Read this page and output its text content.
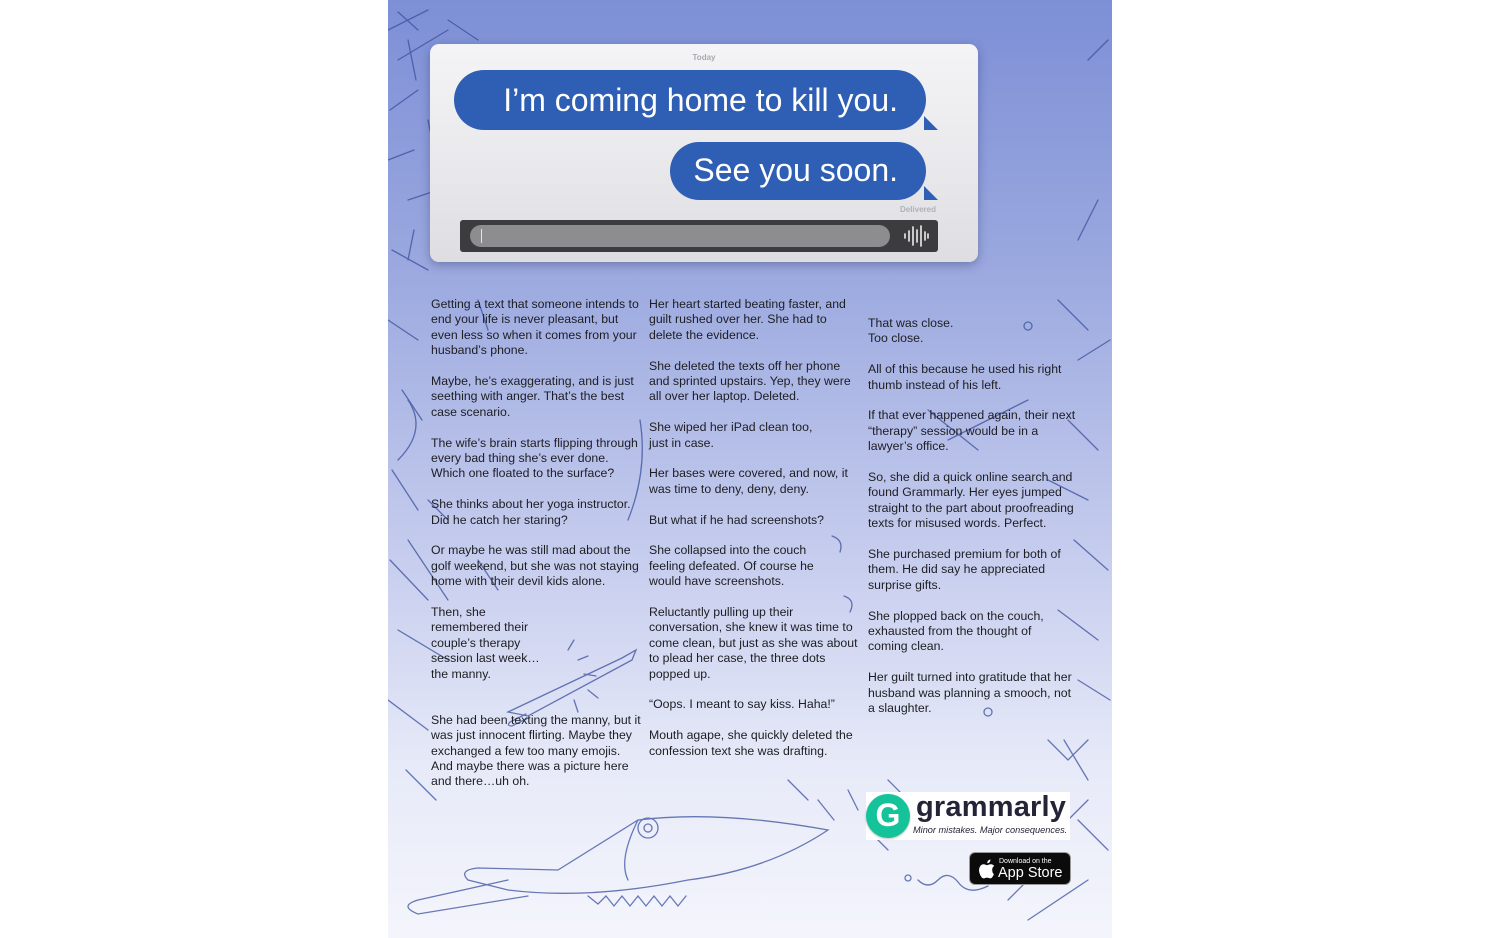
Today
I’m coming home to kill you.
See you soon.
Delivered

Getting a text that someone intends to end your life is never pleasant, but even less so when it comes from your husband’s phone.

Maybe, he’s exaggerating, and is just seething with anger. That’s the best case scenario.

The wife’s brain starts flipping through every bad thing she’s ever done. Which one floated to the surface?

She thinks about her yoga instructor. Did he catch her staring?

Or maybe he was still mad about the golf weekend, but she was not staying home with their devil kids alone.

Then, she remembered their couple’s therapy session last week… the manny.

She had been texting the manny, but it was just innocent flirting. Maybe they exchanged a few too many emojis. And maybe there was a picture here and there…uh oh.

Her heart started beating faster, and guilt rushed over her. She had to delete the evidence.

She deleted the texts off her phone and sprinted upstairs. Yep, they were all over her laptop. Deleted.

She wiped her iPad clean too, just in case.

Her bases were covered, and now, it was time to deny, deny, deny.

But what if he had screenshots?

She collapsed into the couch feeling defeated. Of course he would have screenshots.

Reluctantly pulling up their conversation, she knew it was time to come clean, but just as she was about to plead her case, the three dots popped up.

“Oops. I meant to say kiss. Haha!”

Mouth agape, she quickly deleted the confession text she was drafting.

That was close.
Too close.

All of this because he used his right thumb instead of his left.

If that ever happened again, their next “therapy” session would be in a lawyer’s office.

So, she did a quick online search and found Grammarly. Her eyes jumped straight to the part about proofreading texts for misused words. Perfect.

She purchased premium for both of them. He did say he appreciated surprise gifts.

She plopped back on the couch, exhausted from the thought of coming clean.

Her guilt turned into gratitude that her husband was planning a smooch, not a slaughter.

G grammarly
Minor mistakes. Major consequences.
Download on the
App Store
